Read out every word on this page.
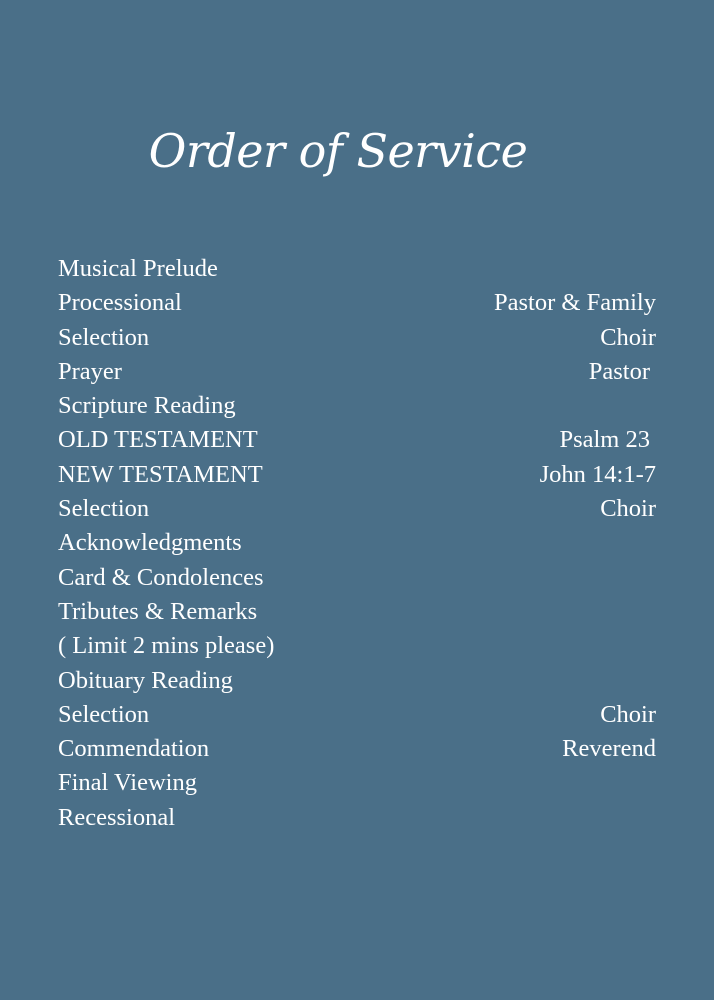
Order of Service
Musical Prelude
Processional	Pastor & Family
Selection	Choir
Prayer	Pastor
Scripture Reading
OLD TESTAMENT	Psalm 23
NEW TESTAMENT	John 14:1-7
Selection	Choir
Acknowledgments
Card & Condolences
Tributes & Remarks
( Limit 2 mins please)
Obituary Reading
Selection	Choir
Commendation	Reverend
Final Viewing
Recessional
